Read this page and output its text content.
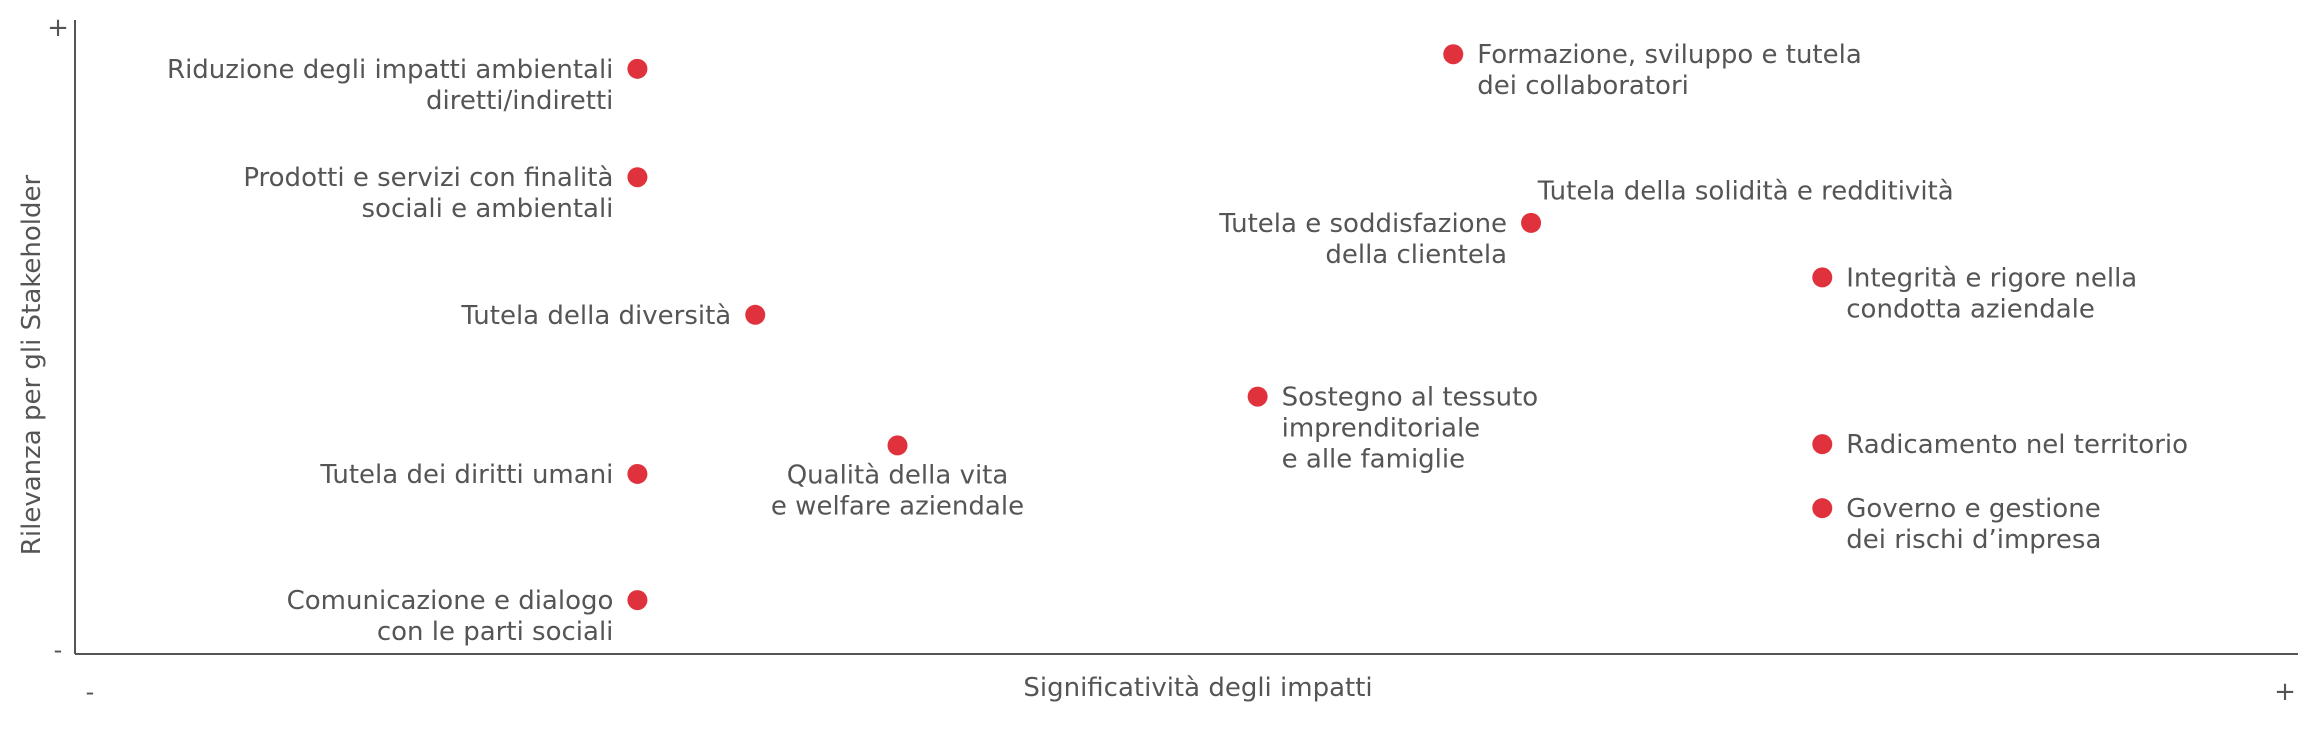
Significatività degli impatti
Rilevanza per gli Stakeholder
-	+
+
-
Riduzione degli impatti ambientali diretti/indiretti
Prodotti e servizi con finalità sociali e ambientali
Tutela della diversità
Tutela dei diritti umani
Comunicazione e dialogo con le parti sociali
Qualità della vita e welfare aziendale
Sostegno al tessuto imprenditoriale e alle famiglie
Formazione, sviluppo e tutela dei collaboratori
Tutela e soddisfazione della clientela
Integrità e rigore nella condotta aziendale
Radicamento nel territorio
Governo e gestione dei rischi d’impresa
Tutela della solidità e redditività
